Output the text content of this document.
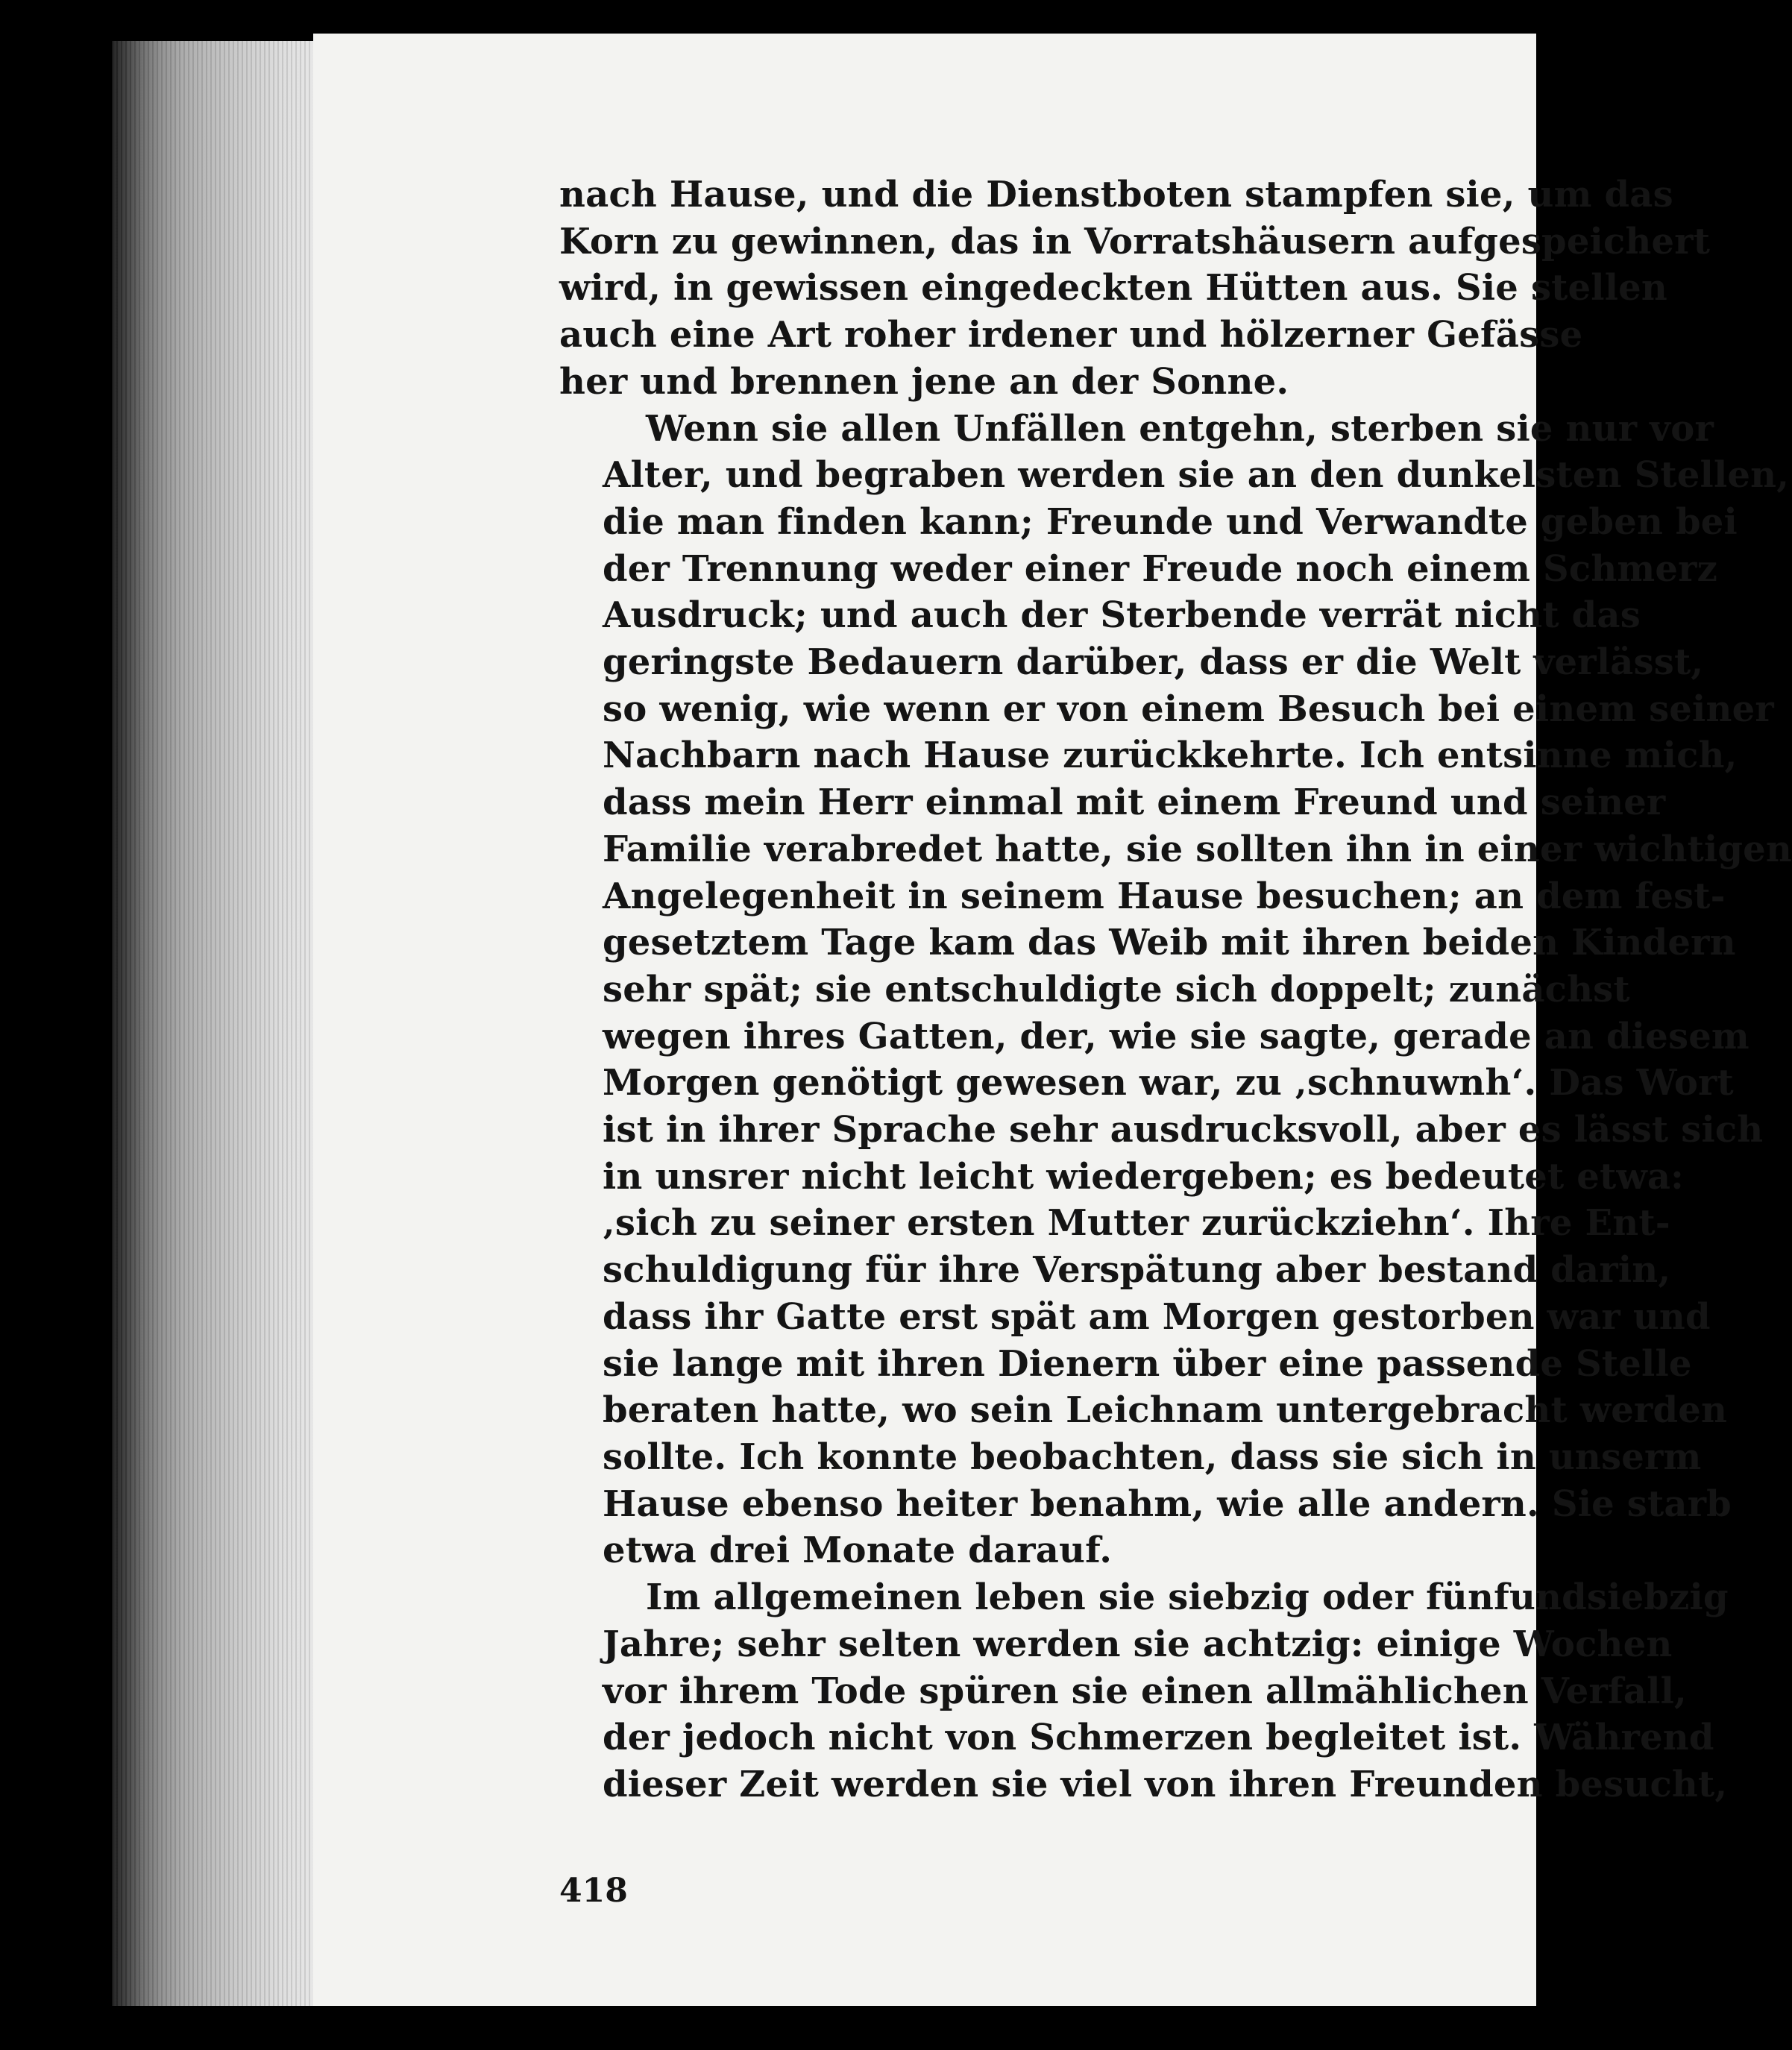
nach Hause, und die Dienstboten stampfen sie, um das
Korn zu gewinnen, das in Vorratshäusern aufgespeichert
wird, in gewissen eingedeckten Hütten aus. Sie stellen
auch eine Art roher irdener und hölzerner Gefässe
her und brennen jene an der Sonne.
Wenn sie allen Unfällen entgehn, sterben sie nur vor
Alter, und begraben werden sie an den dunkelsten Stellen,
die man finden kann; Freunde und Verwandte geben bei
der Trennung weder einer Freude noch einem Schmerz
Ausdruck; und auch der Sterbende verrät nicht das
geringste Bedauern darüber, dass er die Welt verlässt,
so wenig, wie wenn er von einem Besuch bei einem seiner
Nachbarn nach Hause zurückkehrte. Ich entsinne mich,
dass mein Herr einmal mit einem Freund und seiner
Familie verabredet hatte, sie sollten ihn in einer wichtigen
Angelegenheit in seinem Hause besuchen; an dem fest-
gesetztem Tage kam das Weib mit ihren beiden Kindern
sehr spät; sie entschuldigte sich doppelt; zunächst
wegen ihres Gatten, der, wie sie sagte, gerade an diesem
Morgen genötigt gewesen war, zu ‚schnuwnh‘. Das Wort
ist in ihrer Sprache sehr ausdrucksvoll, aber es lässt sich
in unsrer nicht leicht wiedergeben; es bedeutet etwa:
‚sich zu seiner ersten Mutter zurückziehn‘. Ihre Ent-
schuldigung für ihre Verspätung aber bestand darin,
dass ihr Gatte erst spät am Morgen gestorben war und
sie lange mit ihren Dienern über eine passende Stelle
beraten hatte, wo sein Leichnam untergebracht werden
sollte. Ich konnte beobachten, dass sie sich in unserm
Hause ebenso heiter benahm, wie alle andern. Sie starb
etwa drei Monate darauf.
Im allgemeinen leben sie siebzig oder fünfundsiebzig
Jahre; sehr selten werden sie achtzig: einige Wochen
vor ihrem Tode spüren sie einen allmählichen Verfall,
der jedoch nicht von Schmerzen begleitet ist. Während
dieser Zeit werden sie viel von ihren Freunden besucht,
418
